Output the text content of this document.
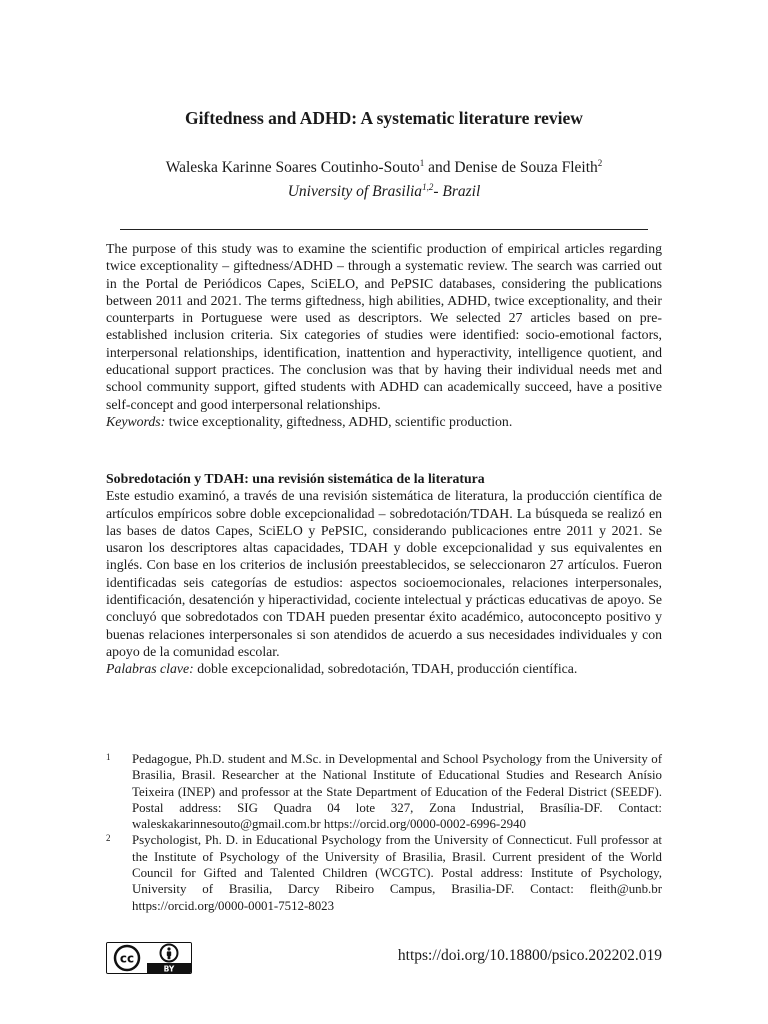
Giftedness and ADHD: A systematic literature review
Waleska Karinne Soares Coutinho-Souto$^1$ and Denise de Souza Fleith$^2$
University of Brasilia$^{1,2}$- Brazil

The purpose of this study was to examine the scientific production of empirical articles regarding twice exceptionality – giftedness/ADHD – through a systematic review. The search was carried out in the Portal de Periódicos Capes, SciELO, and PePSIC databases, considering the publications between 2011 and 2021. The terms giftedness, high abilities, ADHD, twice exceptionality, and their counterparts in Portuguese were used as descriptors. We selected 27 articles based on pre-established inclusion criteria. Six categories of studies were identified: socio-emotional factors, interpersonal relationships, identification, inattention and hyperactivity, intelligence quotient, and educational support practices. The conclusion was that by having their individual needs met and school community support, gifted students with ADHD can academically succeed, have a positive self-concept and good interpersonal relationships.

Keywords: twice exceptionality, giftedness, ADHD, scientific production.

Sobredotación y TDAH: una revisión sistemática de la literatura

Este estudio examinó, a través de una revisión sistemática de literatura, la producción científica de artículos empíricos sobre doble excepcionalidad – sobredotación/TDAH. La búsqueda se realizó en las bases de datos Capes, SciELO y PePSIC, considerando publicaciones entre 2011 y 2021. Se usaron los descriptores altas capacidades, TDAH y doble excepcionalidad y sus equivalentes en inglés. Con base en los criterios de inclusión preestablecidos, se seleccionaron 27 artículos. Fueron identificadas seis categorías de estudios: aspectos socioemocionales, relaciones interpersonales, identificación, desatención y hiperactividad, cociente intelectual y prácticas educativas de apoyo. Se concluyó que sobredotados con TDAH pueden presentar éxito académico, autoconcepto positivo y buenas relaciones interpersonales si son atendidos de acuerdo a sus necesidades individuales y con apoyo de la comunidad escolar.

Palabras clave: doble excepcionalidad, sobredotación, TDAH, producción científica.

1 Pedagogue, Ph.D. student and M.Sc. in Developmental and School Psychology from the University of Brasilia, Brasil. Researcher at the National Institute of Educational Studies and Research Anísio Teixeira (INEP) and professor at the State Department of Education of the Federal District (SEEDF). Postal address: SIG Quadra 04 lote 327, Zona Industrial, Brasília-DF. Contact: waleskakarinnesouto@gmail.com.br https://orcid.org/0000-0002-6996-2940

2 Psychologist, Ph. D. in Educational Psychology from the University of Connecticut. Full professor at the Institute of Psychology of the University of Brasilia, Brasil. Current president of the World Council for Gifted and Talented Children (WCGTC). Postal address: Institute of Psychology, University of Brasilia, Darcy Ribeiro Campus, Brasilia-DF. Contact: fleith@unb.br https://orcid.org/0000-0001-7512-8023

cc
BY
https://doi.org/10.18800/psico.202202.019
